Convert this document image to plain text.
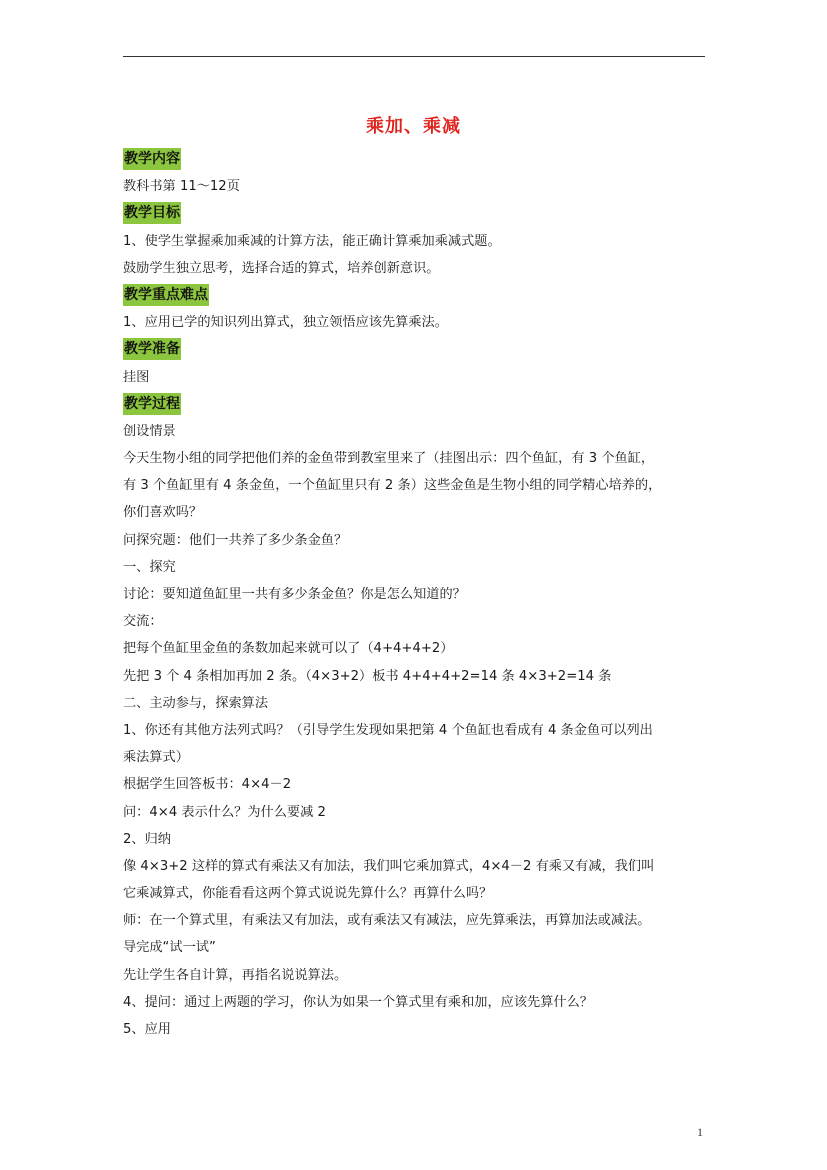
乘加、乘减
教学内容
教科书第 11～12页
教学目标
1、使学生掌握乘加乘减的计算方法，能正确计算乘加乘减式题。
鼓励学生独立思考，选择合适的算式，培养创新意识。
教学重点难点
1、应用已学的知识列出算式，独立领悟应该先算乘法。
教学准备
挂图
教学过程
创设情景
今天生物小组的同学把他们养的金鱼带到教室里来了（挂图出示：四个鱼缸，有 3 个鱼缸，
有 3 个鱼缸里有 4 条金鱼，一个鱼缸里只有 2 条）这些金鱼是生物小组的同学精心培养的，
你们喜欢吗？
问探究题：他们一共养了多少条金鱼？
一、探究
讨论：要知道鱼缸里一共有多少条金鱼？你是怎么知道的？
交流：
把每个鱼缸里金鱼的条数加起来就可以了（4+4+4+2）
先把 3 个 4 条相加再加 2 条。（4×3+2）板书 4+4+4+2=14 条 4×3+2=14 条
二、主动参与，探索算法
1、你还有其他方法列式吗？（引导学生发现如果把第 4 个鱼缸也看成有 4 条金鱼可以列出
乘法算式）
根据学生回答板书：4×4－2
问：4×4 表示什么？为什么要减 2
2、归纳
像 4×3+2 这样的算式有乘法又有加法，我们叫它乘加算式，4×4－2 有乘又有减，我们叫
它乘减算式，你能看看这两个算式说说先算什么？再算什么吗？
师：在一个算式里，有乘法又有加法，或有乘法又有减法，应先算乘法，再算加法或减法。
导完成“试一试”
先让学生各自计算，再指名说说算法。
4、提问：通过上两题的学习，你认为如果一个算式里有乘和加，应该先算什么？
5、应用
1
